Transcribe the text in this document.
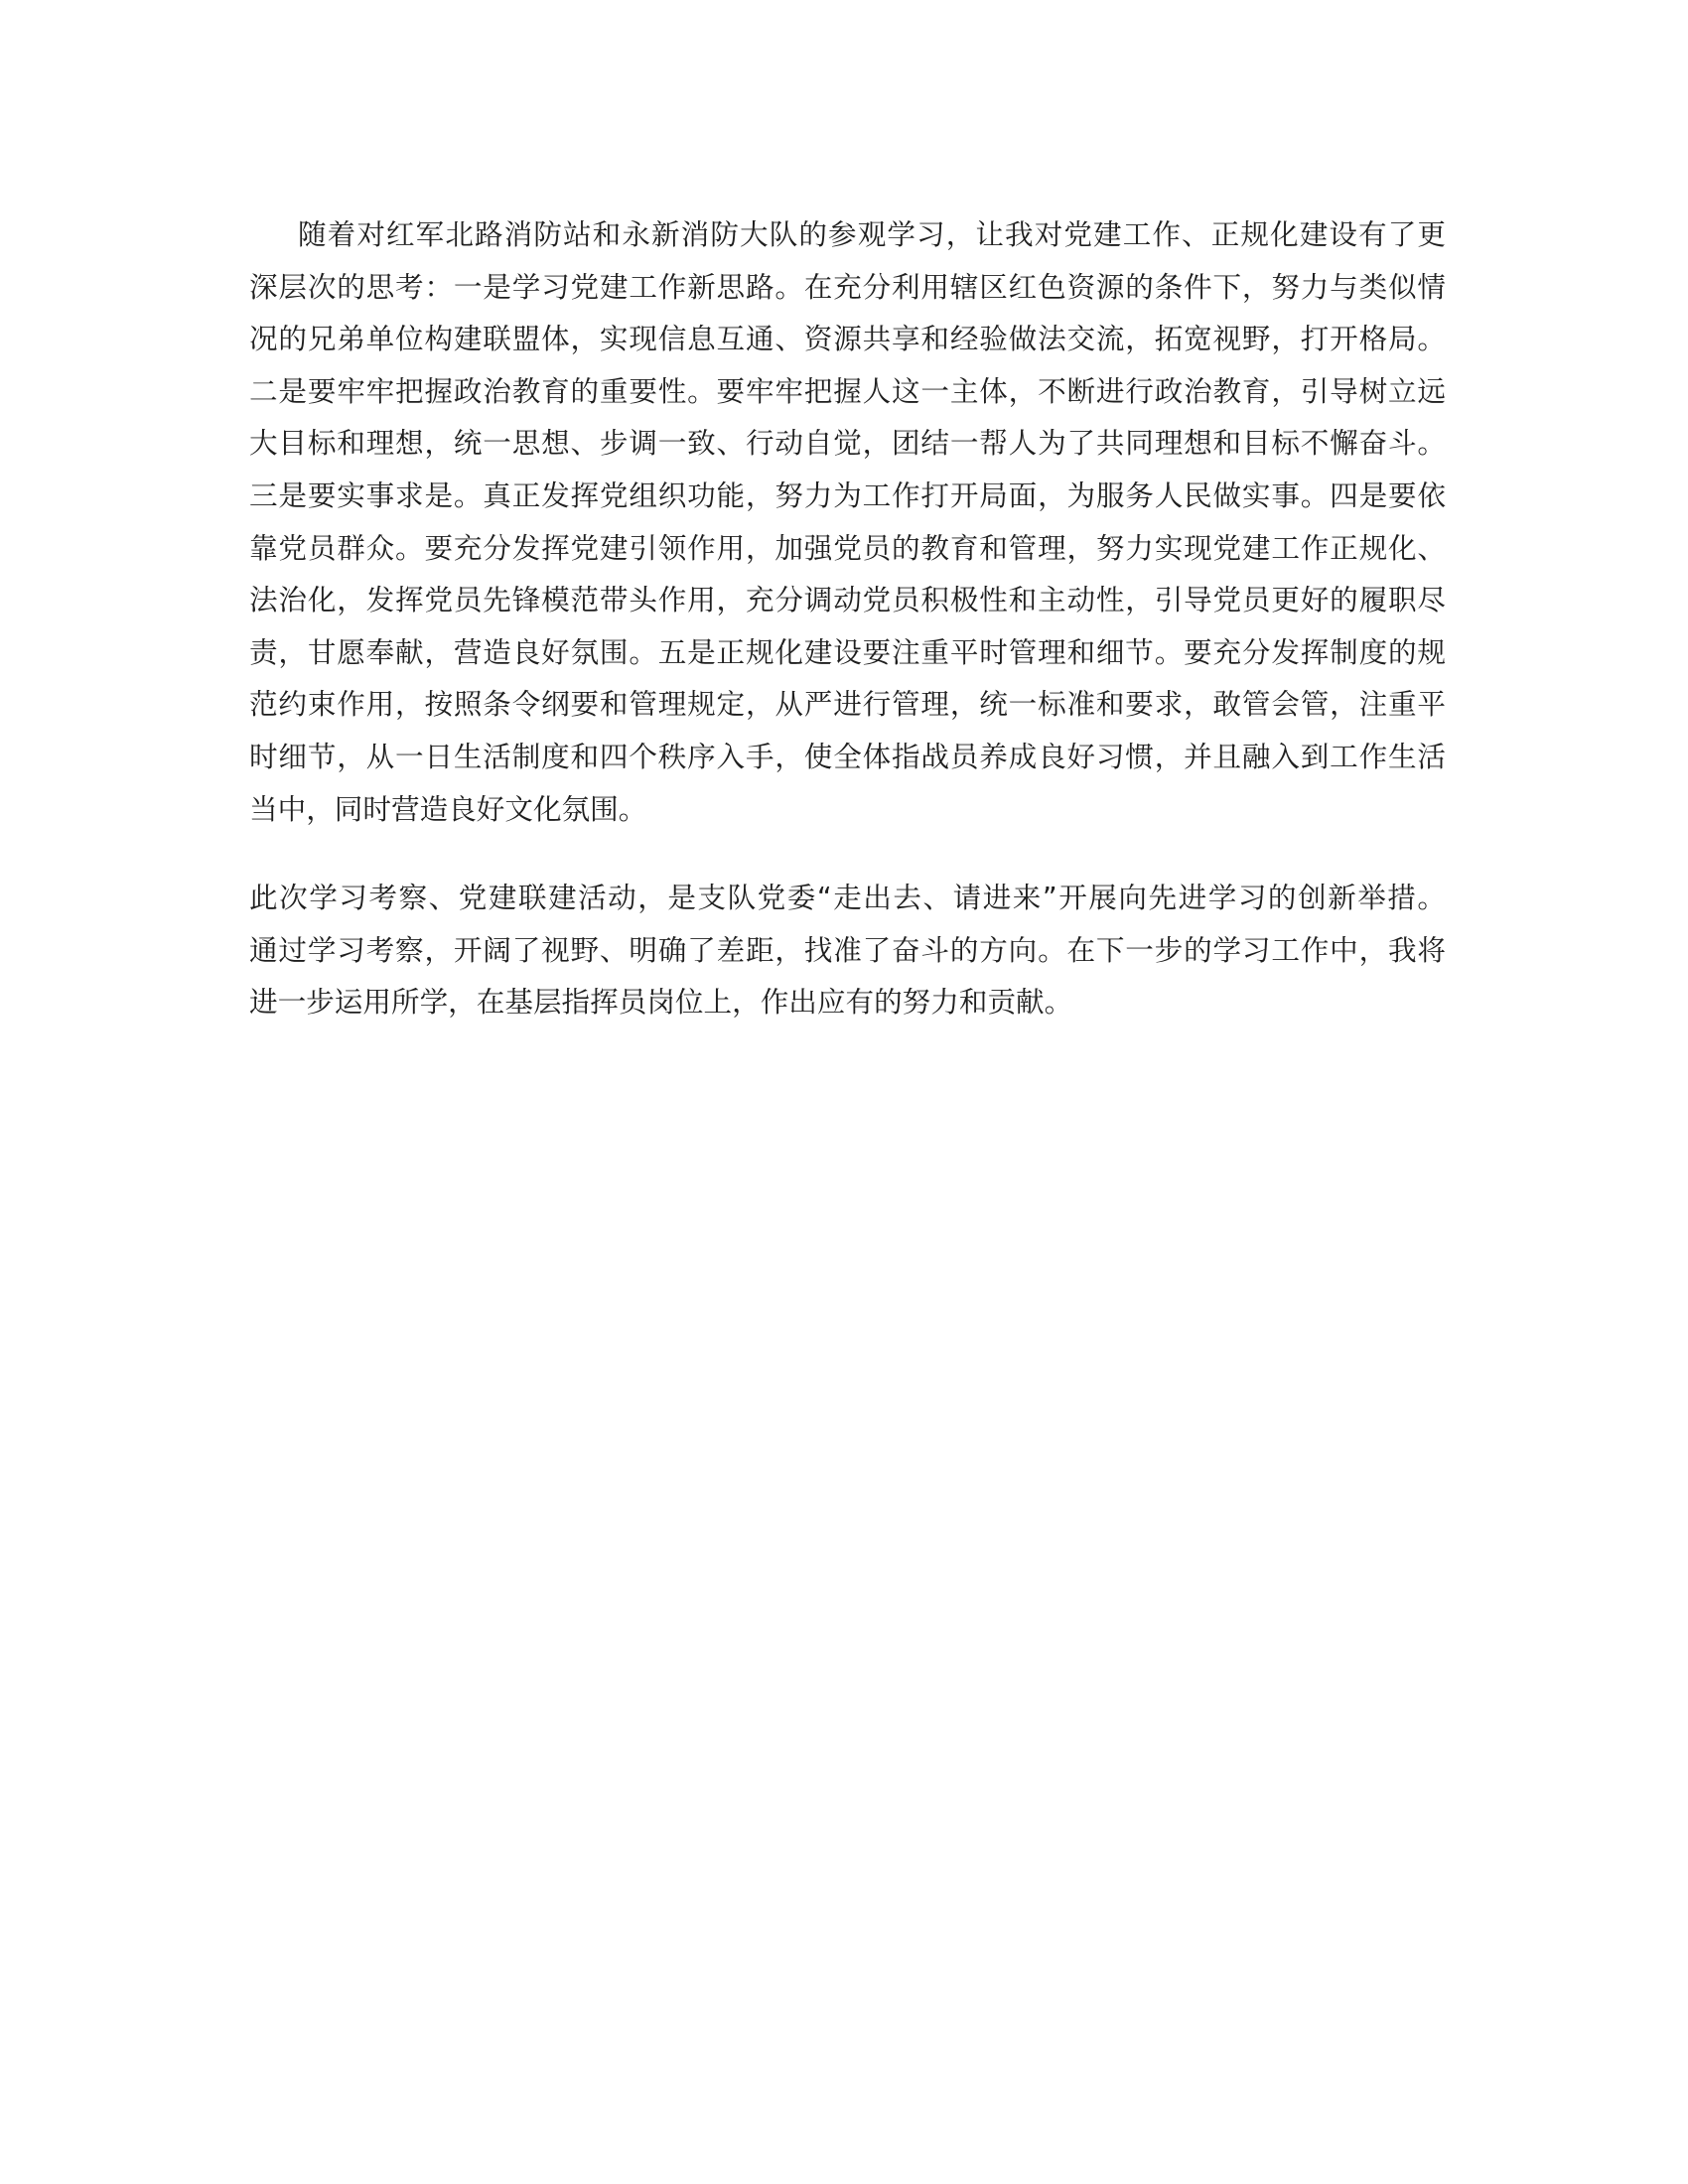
随着对红军北路消防站和永新消防大队的参观学习，让我对党建工作、正规化建设有了更
深层次的思考：一是学习党建工作新思路。在充分利用辖区红色资源的条件下，努力与类似情
况的兄弟单位构建联盟体，实现信息互通、资源共享和经验做法交流，拓宽视野，打开格局。
二是要牢牢把握政治教育的重要性。要牢牢把握人这一主体，不断进行政治教育，引导树立远
大目标和理想，统一思想、步调一致、行动自觉，团结一帮人为了共同理想和目标不懈奋斗。
三是要实事求是。真正发挥党组织功能，努力为工作打开局面，为服务人民做实事。四是要依
靠党员群众。要充分发挥党建引领作用，加强党员的教育和管理，努力实现党建工作正规化、
法治化，发挥党员先锋模范带头作用，充分调动党员积极性和主动性，引导党员更好的履职尽
责，甘愿奉献，营造良好氛围。五是正规化建设要注重平时管理和细节。要充分发挥制度的规
范约束作用，按照条令纲要和管理规定，从严进行管理，统一标准和要求，敢管会管，注重平
时细节，从一日生活制度和四个秩序入手，使全体指战员养成良好习惯，并且融入到工作生活
当中，同时营造良好文化氛围。
此次学习考察、党建联建活动，是支队党委“走出去、请进来”开展向先进学习的创新举措。
通过学习考察，开阔了视野、明确了差距，找准了奋斗的方向。在下一步的学习工作中，我将
进一步运用所学，在基层指挥员岗位上，作出应有的努力和贡献。
